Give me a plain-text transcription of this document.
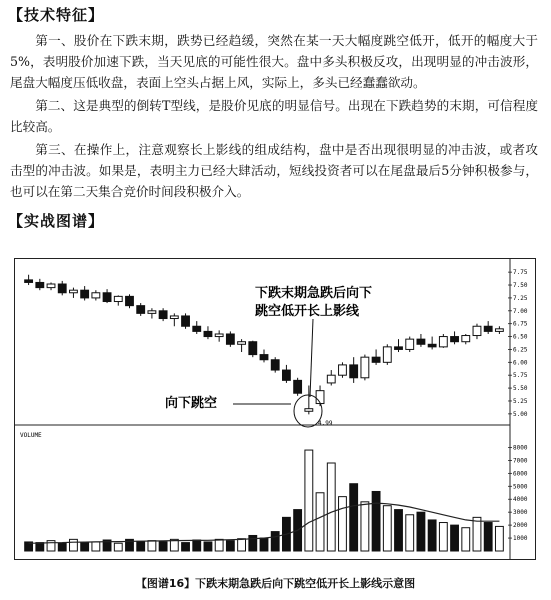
【技术特征】

第一、股价在下跌末期，跌势已经趋缓，突然在某一天大幅度跳空低开，低开的幅度大于5%，表明股价加速下跌，当天见底的可能性很大。盘中多头积极反攻，出现明显的冲击波形，尾盘大幅度压低收盘，表面上空头占据上风，实际上，多头已经蠢蠢欲动。

第二、这是典型的倒转T型线，是股价见底的明显信号。出现在下跌趋势的末期，可信程度比较高。

第三、在操作上，注意观察长上影线的组成结构，盘中是否出现很明显的冲击波，或者攻击型的冲击波。如果是，表明主力已经大肆活动，短线投资者可以在尾盘最后5分钟积极参与，也可以在第二天集合竞价时间段积极介入。

【实战图谱】
7.75
7.50
7.25
7.00
6.75
6.50
6.25
6.00
5.75
5.50
5.25
5.00
8000
7000
6000
5000
4000
3000
2000
1000
VOLUME
下跌末期急跌后向下
跳空低开长上影线
向下跳空
4.99
【图谱16】下跌末期急跌后向下跳空低开长上影线示意图
